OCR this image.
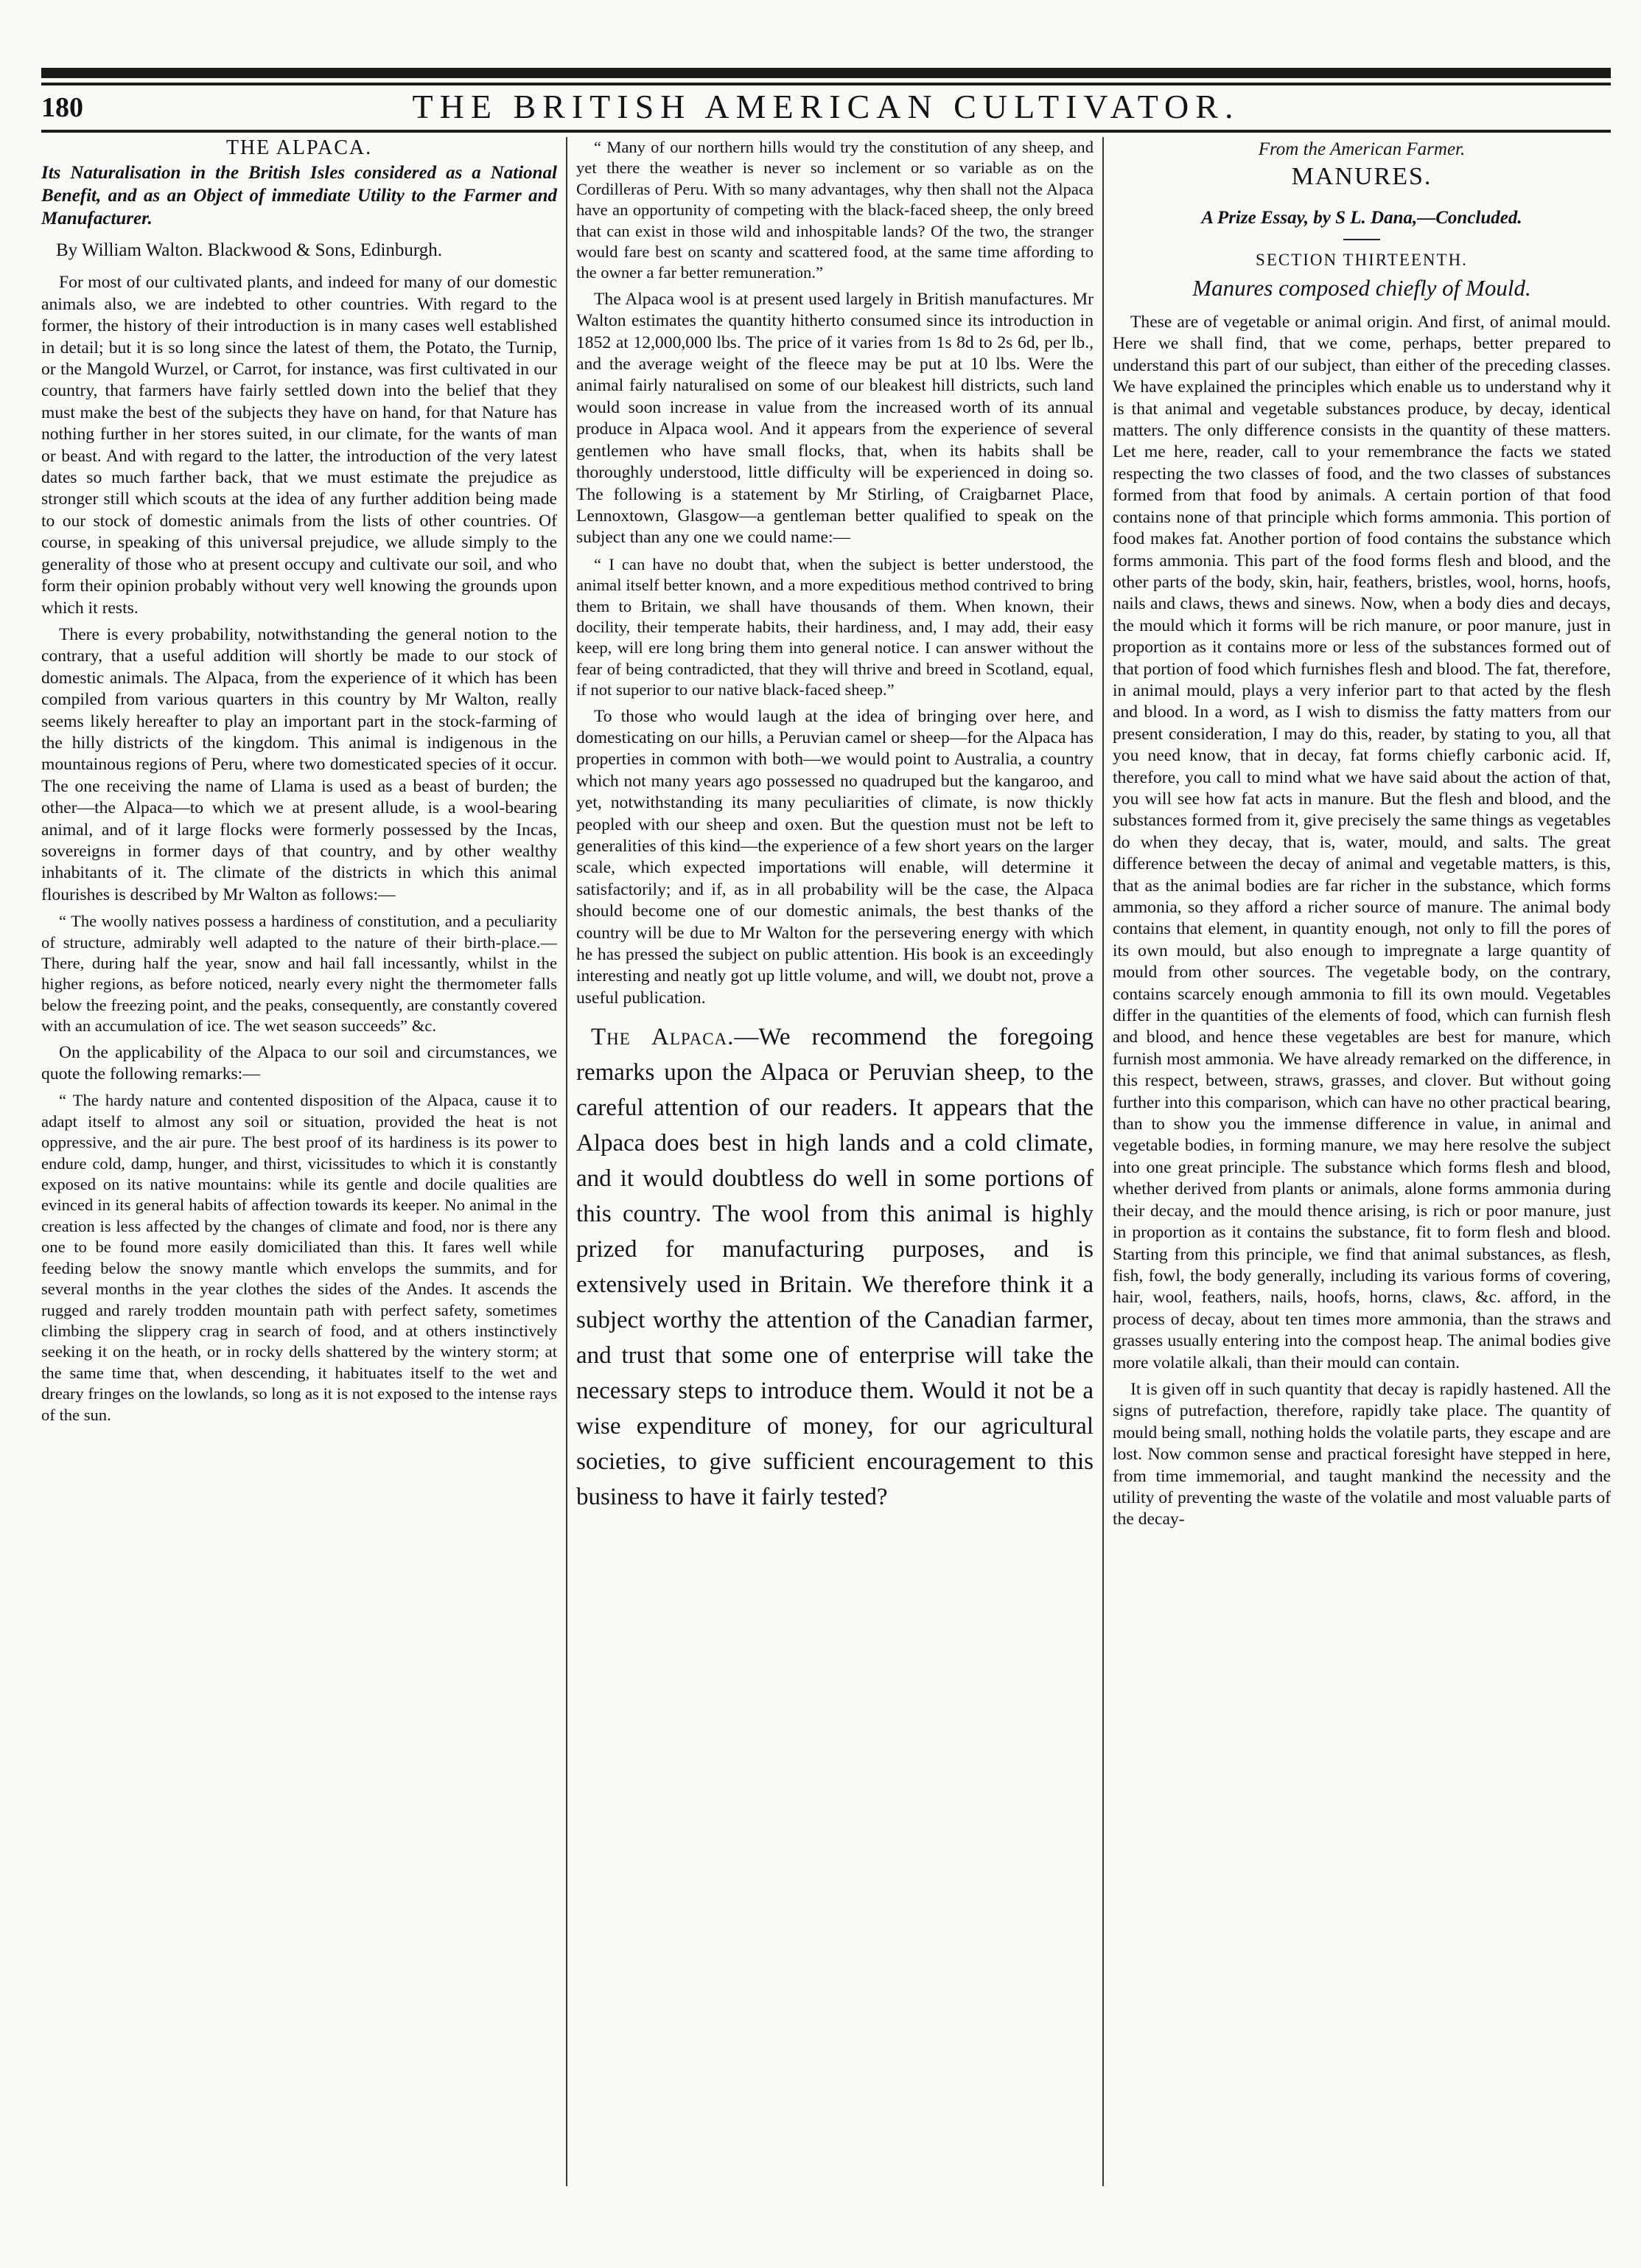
180	THE BRITISH AMERICAN CULTIVATOR.
THE ALPACA.
Its Naturalisation in the British Isles considered as a National Benefit, and as an Object of immediate Utility to the Farmer and Manufacturer.
By William Walton. Blackwood & Sons, Edinburgh.

For most of our cultivated plants, and indeed for many of our domestic animals also, we are indebted to other countries. With regard to the former, the history of their introduction is in many cases well established in detail; but it is so long since the latest of them, the Potato, the Turnip, or the Mangold Wurzel, or Carrot, for instance, was first cultivated in our country, that farmers have fairly settled down into the belief that they must make the best of the subjects they have on hand, for that Nature has nothing further in her stores suited, in our climate, for the wants of man or beast. And with regard to the latter, the introduction of the very latest dates so much farther back, that we must estimate the prejudice as stronger still which scouts at the idea of any further addition being made to our stock of domestic animals from the lists of other countries. Of course, in speaking of this universal prejudice, we allude simply to the generality of those who at present occupy and cultivate our soil, and who form their opinion probably without very well knowing the grounds upon which it rests.

There is every probability, notwithstanding the general notion to the contrary, that a useful addition will shortly be made to our stock of domestic animals. The Alpaca, from the experience of it which has been compiled from various quarters in this country by Mr Walton, really seems likely hereafter to play an important part in the stock-farming of the hilly districts of the kingdom. This animal is indigenous in the mountainous regions of Peru, where two domesticated species of it occur. The one receiving the name of Llama is used as a beast of burden; the other—the Alpaca—to which we at present allude, is a wool-bearing animal, and of it large flocks were formerly possessed by the Incas, sovereigns in former days of that country, and by other wealthy inhabitants of it. The climate of the districts in which this animal flourishes is described by Mr Walton as follows:—

“ The woolly natives possess a hardiness of constitution, and a peculiarity of structure, admirably well adapted to the nature of their birth-place.— There, during half the year, snow and hail fall incessantly, whilst in the higher regions, as before noticed, nearly every night the thermometer falls below the freezing point, and the peaks, consequently, are constantly covered with an accumulation of ice. The wet season succeeds” &c.

On the applicability of the Alpaca to our soil and circumstances, we quote the following remarks:—

“ The hardy nature and contented disposition of the Alpaca, cause it to adapt itself to almost any soil or situation, provided the heat is not oppressive, and the air pure. The best proof of its hardiness is its power to endure cold, damp, hunger, and thirst, vicissitudes to which it is constantly exposed on its native mountains: while its gentle and docile qualities are evinced in its general habits of affection towards its keeper. No animal in the creation is less affected by the changes of climate and food, nor is there any one to be found more easily domiciliated than this. It fares well while feeding below the snowy mantle which envelops the summits, and for several months in the year clothes the sides of the Andes. It ascends the rugged and rarely trodden mountain path with perfect safety, sometimes climbing the slippery crag in search of food, and at others instinctively seeking it on the heath, or in rocky dells shattered by the wintery storm; at the same time that, when descending, it habituates itself to the wet and dreary fringes on the lowlands, so long as it is not exposed to the intense rays of the sun.

“ Many of our northern hills would try the constitution of any sheep, and yet there the weather is never so inclement or so variable as on the Cordilleras of Peru. With so many advantages, why then shall not the Alpaca have an opportunity of competing with the black-faced sheep, the only breed that can exist in those wild and inhospitable lands? Of the two, the stranger would fare best on scanty and scattered food, at the same time affording to the owner a far better remuneration.”

The Alpaca wool is at present used largely in British manufactures. Mr Walton estimates the quantity hitherto consumed since its introduction in 1852 at 12,000,000 lbs. The price of it varies from 1s 8d to 2s 6d, per lb., and the average weight of the fleece may be put at 10 lbs. Were the animal fairly naturalised on some of our bleakest hill districts, such land would soon increase in value from the increased worth of its annual produce in Alpaca wool. And it appears from the experience of several gentlemen who have small flocks, that, when its habits shall be thoroughly understood, little difficulty will be experienced in doing so. The following is a statement by Mr Stirling, of Craigbarnet Place, Lennoxtown, Glasgow—a gentleman better qualified to speak on the subject than any one we could name:—

“ I can have no doubt that, when the subject is better understood, the animal itself better known, and a more expeditious method contrived to bring them to Britain, we shall have thousands of them. When known, their docility, their temperate habits, their hardiness, and, I may add, their easy keep, will ere long bring them into general notice. I can answer without the fear of being contradicted, that they will thrive and breed in Scotland, equal, if not superior to our native black-faced sheep.”

To those who would laugh at the idea of bringing over here, and domesticating on our hills, a Peruvian camel or sheep—for the Alpaca has properties in common with both—we would point to Australia, a country which not many years ago possessed no quadruped but the kangaroo, and yet, notwithstanding its many peculiarities of climate, is now thickly peopled with our sheep and oxen. But the question must not be left to generalities of this kind—the experience of a few short years on the larger scale, which expected importations will enable, will determine it satisfactorily; and if, as in all probability will be the case, the Alpaca should become one of our domestic animals, the best thanks of the country will be due to Mr Walton for the persevering energy with which he has pressed the subject on public attention. His book is an exceedingly interesting and neatly got up little volume, and will, we doubt not, prove a useful publication.

The Alpaca.—We recommend the foregoing remarks upon the Alpaca or Peruvian sheep, to the careful attention of our readers. It appears that the Alpaca does best in high lands and a cold climate, and it would doubtless do well in some portions of this country. The wool from this animal is highly prized for manufacturing purposes, and is extensively used in Britain. We therefore think it a subject worthy the attention of the Canadian farmer, and trust that some one of enterprise will take the necessary steps to introduce them. Would it not be a wise expenditure of money, for our agricultural societies, to give sufficient encouragement to this business to have it fairly tested?

From the American Farmer.
MANURES.
A Prize Essay, by S L. Dana,—Concluded.
SECTION THIRTEENTH.
Manures composed chiefly of Mould.

These are of vegetable or animal origin. And first, of animal mould. Here we shall find, that we come, perhaps, better prepared to understand this part of our subject, than either of the preceding classes. We have explained the principles which enable us to understand why it is that animal and vegetable substances produce, by decay, identical matters. The only difference consists in the quantity of these matters. Let me here, reader, call to your remembrance the facts we stated respecting the two classes of food, and the two classes of substances formed from that food by animals. A certain portion of that food contains none of that principle which forms ammonia. This portion of food makes fat. Another portion of food contains the substance which forms ammonia. This part of the food forms flesh and blood, and the other parts of the body, skin, hair, feathers, bristles, wool, horns, hoofs, nails and claws, thews and sinews. Now, when a body dies and decays, the mould which it forms will be rich manure, or poor manure, just in proportion as it contains more or less of the substances formed out of that portion of food which furnishes flesh and blood. The fat, therefore, in animal mould, plays a very inferior part to that acted by the flesh and blood. In a word, as I wish to dismiss the fatty matters from our present consideration, I may do this, reader, by stating to you, all that you need know, that in decay, fat forms chiefly carbonic acid. If, therefore, you call to mind what we have said about the action of that, you will see how fat acts in manure. But the flesh and blood, and the substances formed from it, give precisely the same things as vegetables do when they decay, that is, water, mould, and salts. The great difference between the decay of animal and vegetable matters, is this, that as the animal bodies are far richer in the substance, which forms ammonia, so they afford a richer source of manure. The animal body contains that element, in quantity enough, not only to fill the pores of its own mould, but also enough to impregnate a large quantity of mould from other sources. The vegetable body, on the contrary, contains scarcely enough ammonia to fill its own mould. Vegetables differ in the quantities of the elements of food, which can furnish flesh and blood, and hence these vegetables are best for manure, which furnish most ammonia. We have already remarked on the difference, in this respect, between, straws, grasses, and clover. But without going further into this comparison, which can have no other practical bearing, than to show you the immense difference in value, in animal and vegetable bodies, in forming manure, we may here resolve the subject into one great principle. The substance which forms flesh and blood, whether derived from plants or animals, alone forms ammonia during their decay, and the mould thence arising, is rich or poor manure, just in proportion as it contains the substance, fit to form flesh and blood. Starting from this principle, we find that animal substances, as flesh, fish, fowl, the body generally, including its various forms of covering, hair, wool, feathers, nails, hoofs, horns, claws, &c. afford, in the process of decay, about ten times more ammonia, than the straws and grasses usually entering into the compost heap. The animal bodies give more volatile alkali, than their mould can contain.

It is given off in such quantity that decay is rapidly hastened. All the signs of putrefaction, therefore, rapidly take place. The quantity of mould being small, nothing holds the volatile parts, they escape and are lost. Now common sense and practical foresight have stepped in here, from time immemorial, and taught mankind the necessity and the utility of preventing the waste of the volatile and most valuable parts of the decay-
